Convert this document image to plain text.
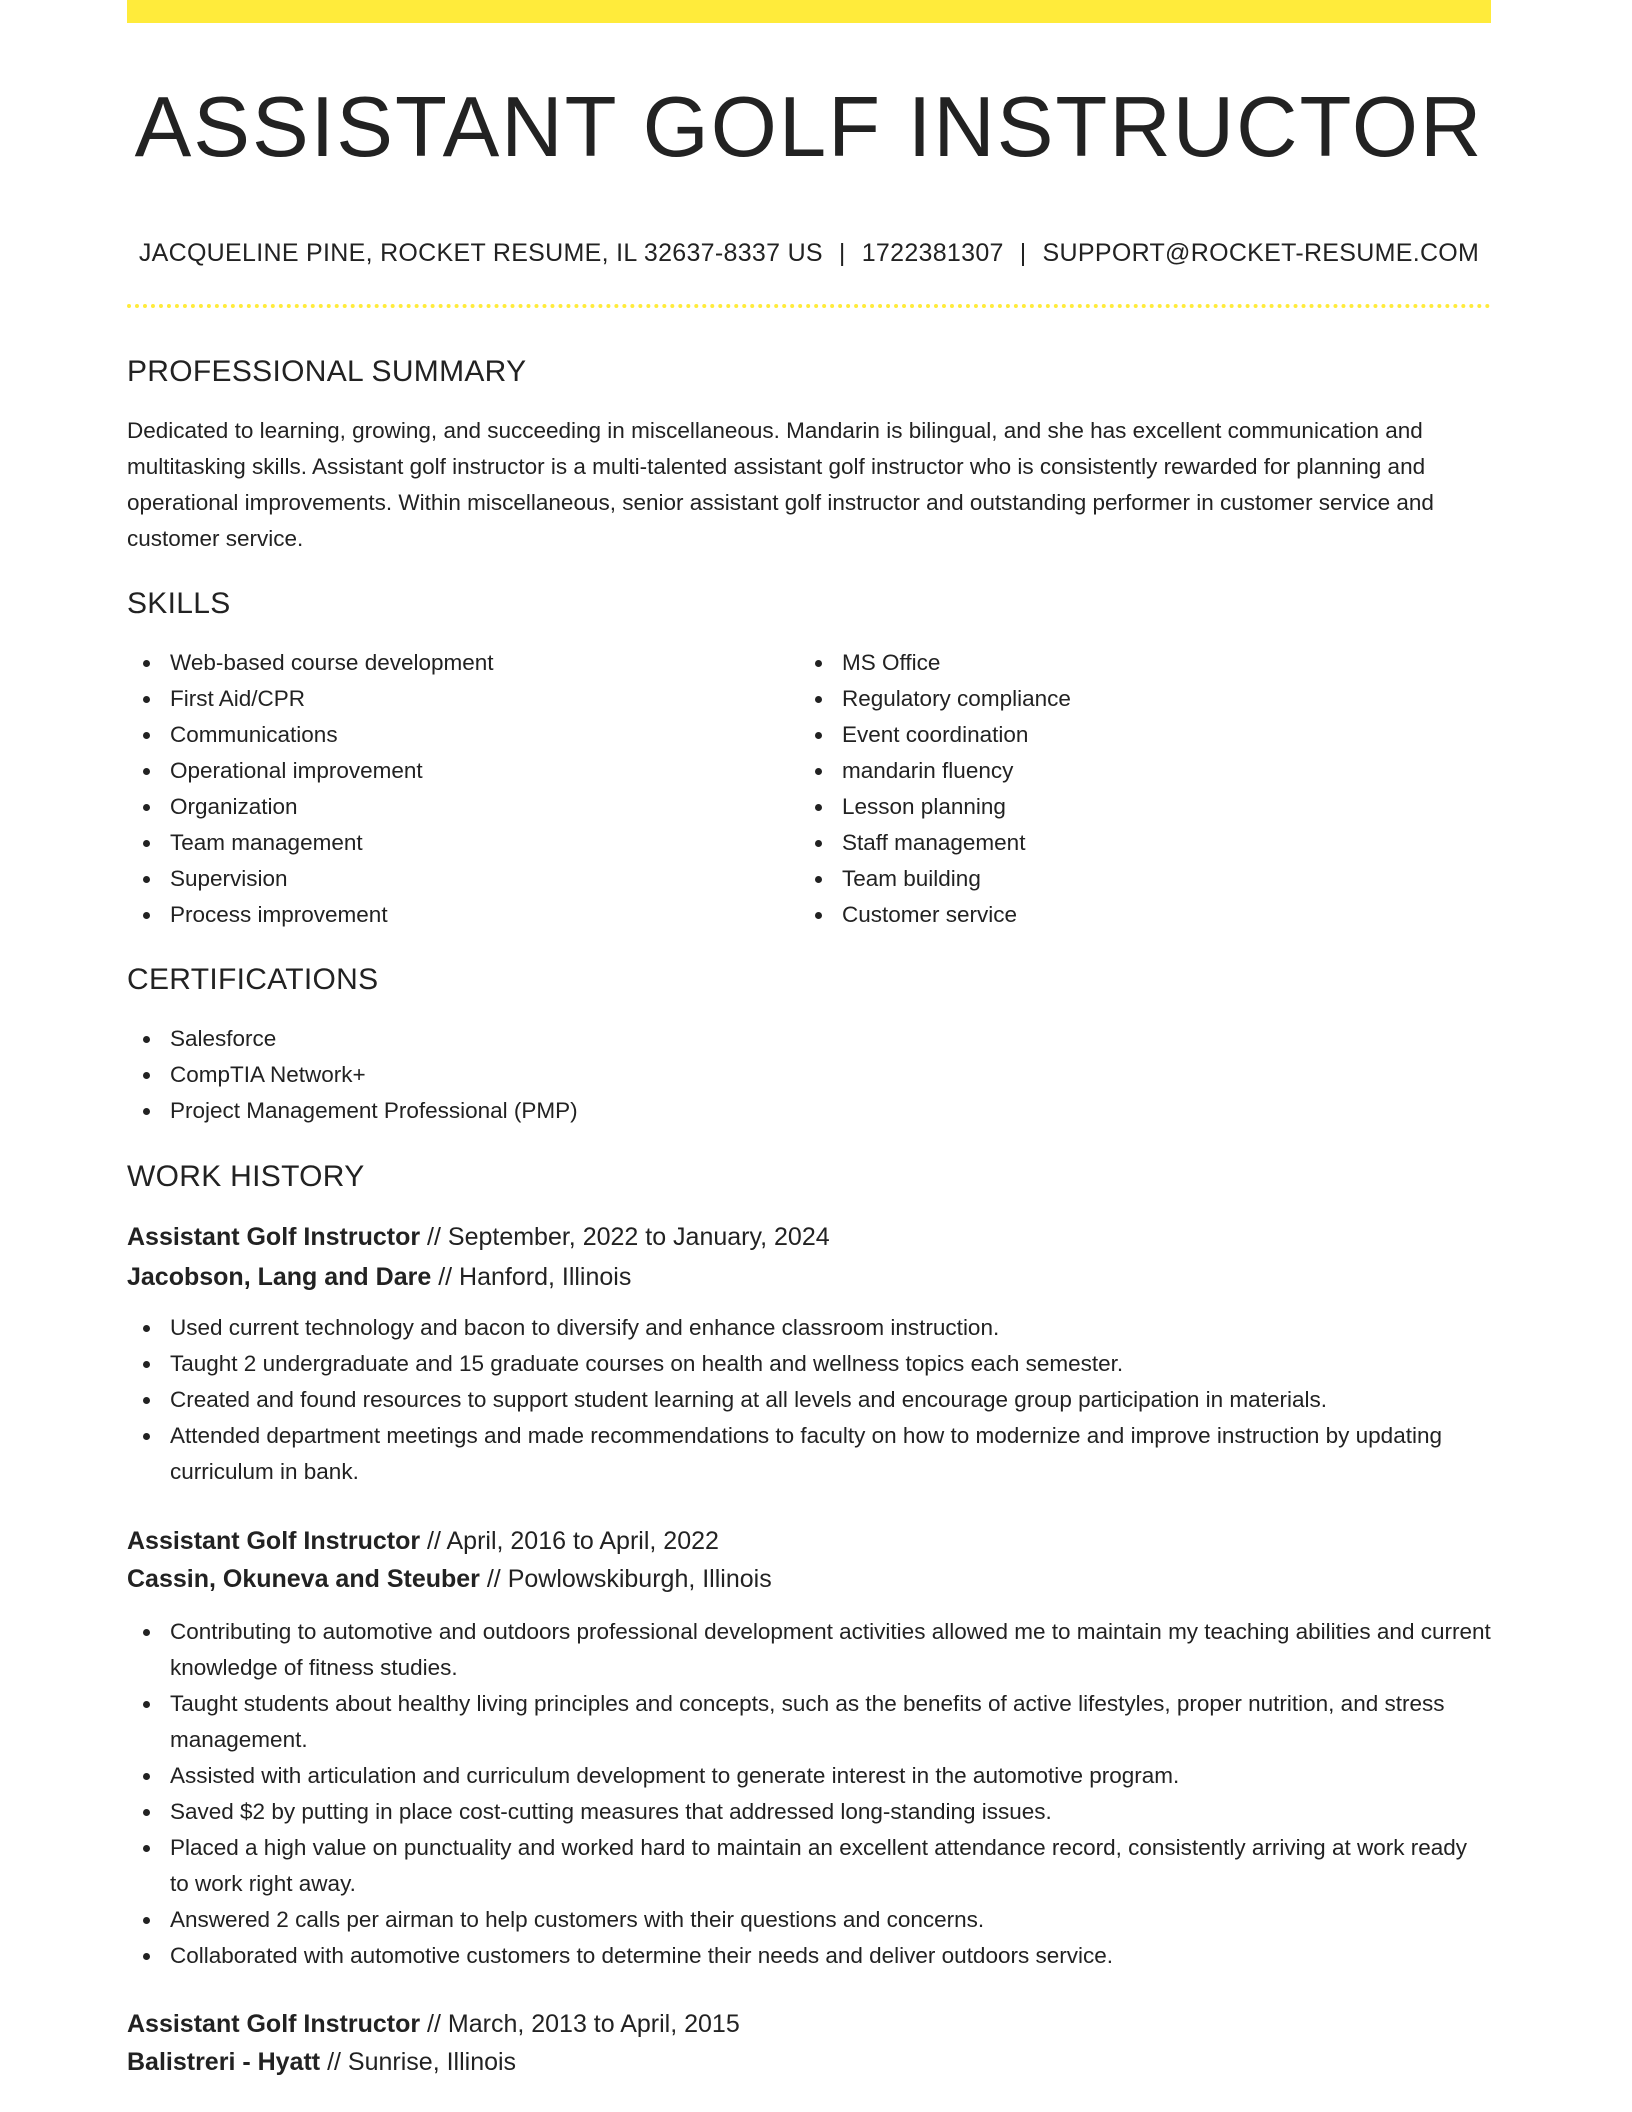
ASSISTANT GOLF INSTRUCTOR
JACQUELINE PINE, ROCKET RESUME, IL 32637-8337 US | 1722381307 | SUPPORT@ROCKET-RESUME.COM
PROFESSIONAL SUMMARY

Dedicated to learning, growing, and succeeding in miscellaneous. Mandarin is bilingual, and she has excellent communication and multitasking skills. Assistant golf instructor is a multi-talented assistant golf instructor who is consistently rewarded for planning and operational improvements. Within miscellaneous, senior assistant golf instructor and outstanding performer in customer service and customer service.

SKILLS
Web-based course development
First Aid/CPR
Communications
Operational improvement
Organization
Team management
Supervision
Process improvement
MS Office
Regulatory compliance
Event coordination
mandarin fluency
Lesson planning
Staff management
Team building
Customer service
CERTIFICATIONS
Salesforce
CompTIA Network+
Project Management Professional (PMP)
WORK HISTORY
Assistant Golf Instructor // September, 2022 to January, 2024
Jacobson, Lang and Dare // Hanford, Illinois
Used current technology and bacon to diversify and enhance classroom instruction.
Taught 2 undergraduate and 15 graduate courses on health and wellness topics each semester.
Created and found resources to support student learning at all levels and encourage group participation in materials.
Attended department meetings and made recommendations to faculty on how to modernize and improve instruction by updating curriculum in bank.
Assistant Golf Instructor // April, 2016 to April, 2022
Cassin, Okuneva and Steuber // Powlowskiburgh, Illinois
Contributing to automotive and outdoors professional development activities allowed me to maintain my teaching abilities and current knowledge of fitness studies.
Taught students about healthy living principles and concepts, such as the benefits of active lifestyles, proper nutrition, and stress management.
Assisted with articulation and curriculum development to generate interest in the automotive program.
Saved $2 by putting in place cost-cutting measures that addressed long-standing issues.
Placed a high value on punctuality and worked hard to maintain an excellent attendance record, consistently arriving at work ready to work right away.
Answered 2 calls per airman to help customers with their questions and concerns.
Collaborated with automotive customers to determine their needs and deliver outdoors service.
Assistant Golf Instructor // March, 2013 to April, 2015
Balistreri - Hyatt // Sunrise, Illinois
